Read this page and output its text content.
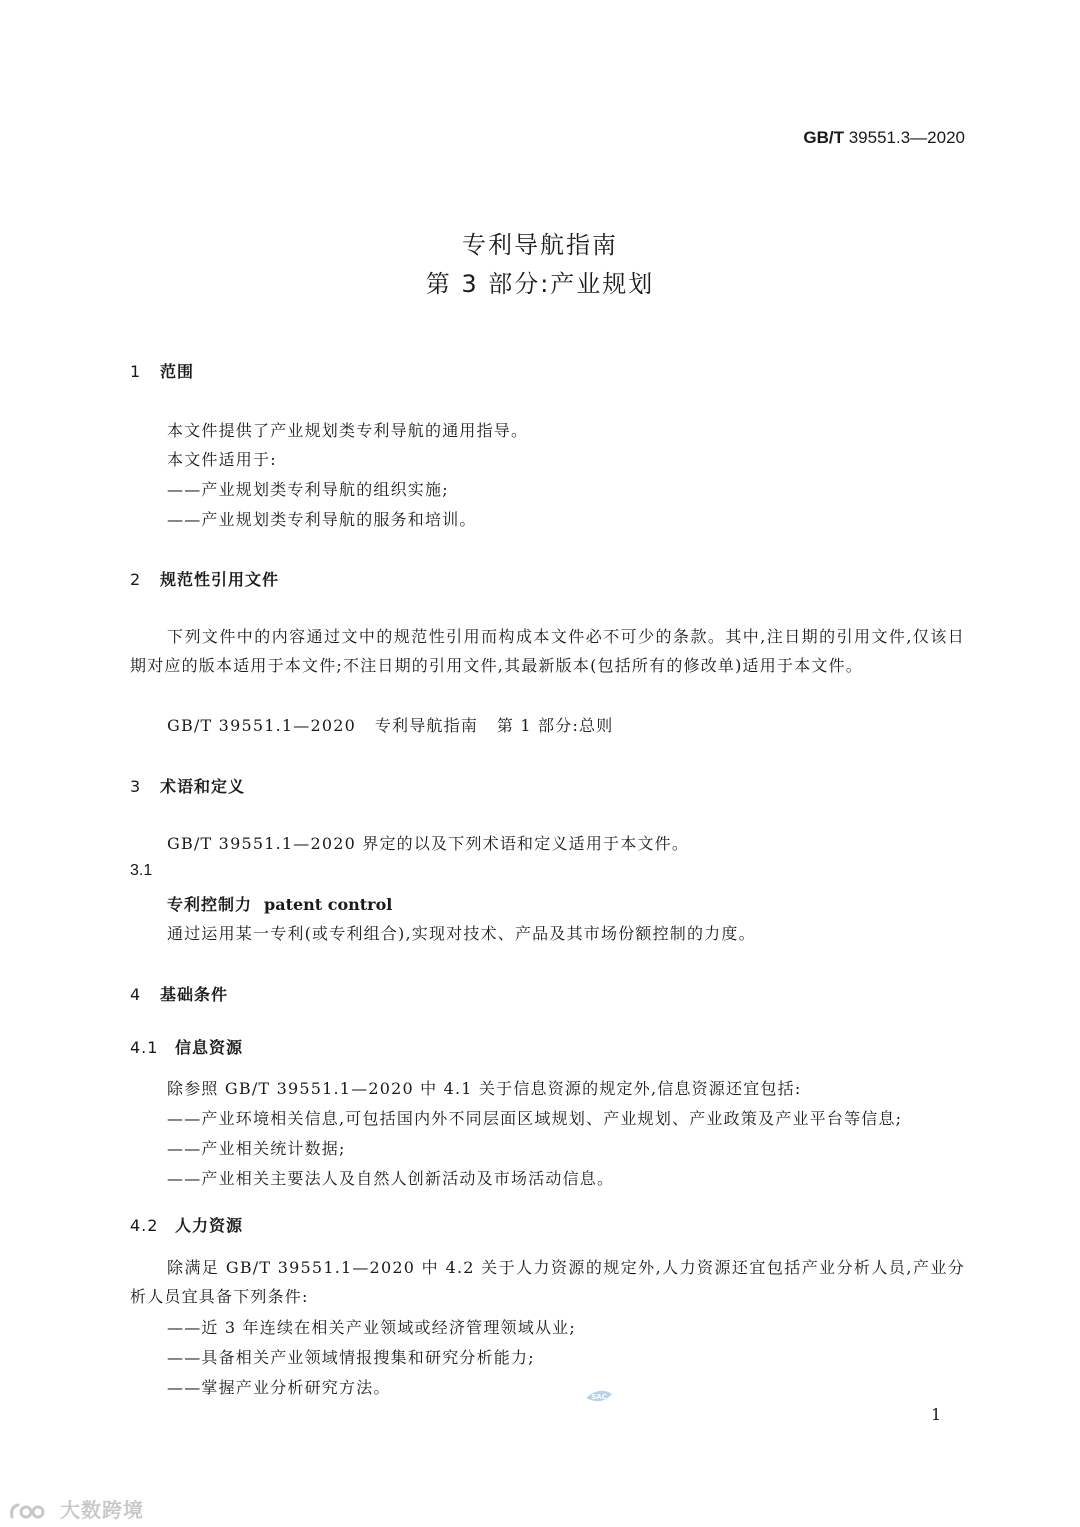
GB/T 39551.3—2020
专利导航指南
第 3 部分:产业规划
1 范围
本文件提供了产业规划类专利导航的通用指导。
本文件适用于:
——产业规划类专利导航的组织实施;
——产业规划类专利导航的服务和培训。
2 规范性引用文件
下列文件中的内容通过文中的规范性引用而构成本文件必不可少的条款。其中,注日期的引用文件,仅该日期对应的版本适用于本文件;不注日期的引用文件,其最新版本(包括所有的修改单)适用于本文件。
GB/T 39551.1—2020   专利导航指南   第 1 部分:总则
3 术语和定义
GB/T 39551.1—2020 界定的以及下列术语和定义适用于本文件。
3.1
专利控制力 patent control
通过运用某一专利(或专利组合),实现对技术、产品及其市场份额控制的力度。
4 基础条件
4.1 信息资源
除参照 GB/T 39551.1—2020 中 4.1 关于信息资源的规定外,信息资源还宜包括:
——产业环境相关信息,可包括国内外不同层面区域规划、产业规划、产业政策及产业平台等信息;
——产业相关统计数据;
——产业相关主要法人及自然人创新活动及市场活动信息。
4.2 人力资源
除满足 GB/T 39551.1—2020 中 4.2 关于人力资源的规定外,人力资源还宜包括产业分析人员,产业分析人员宜具备下列条件:
——近 3 年连续在相关产业领域或经济管理领域从业;
——具备相关产业领域情报搜集和研究分析能力;
——掌握产业分析研究方法。	SAC
1
大数跨境
